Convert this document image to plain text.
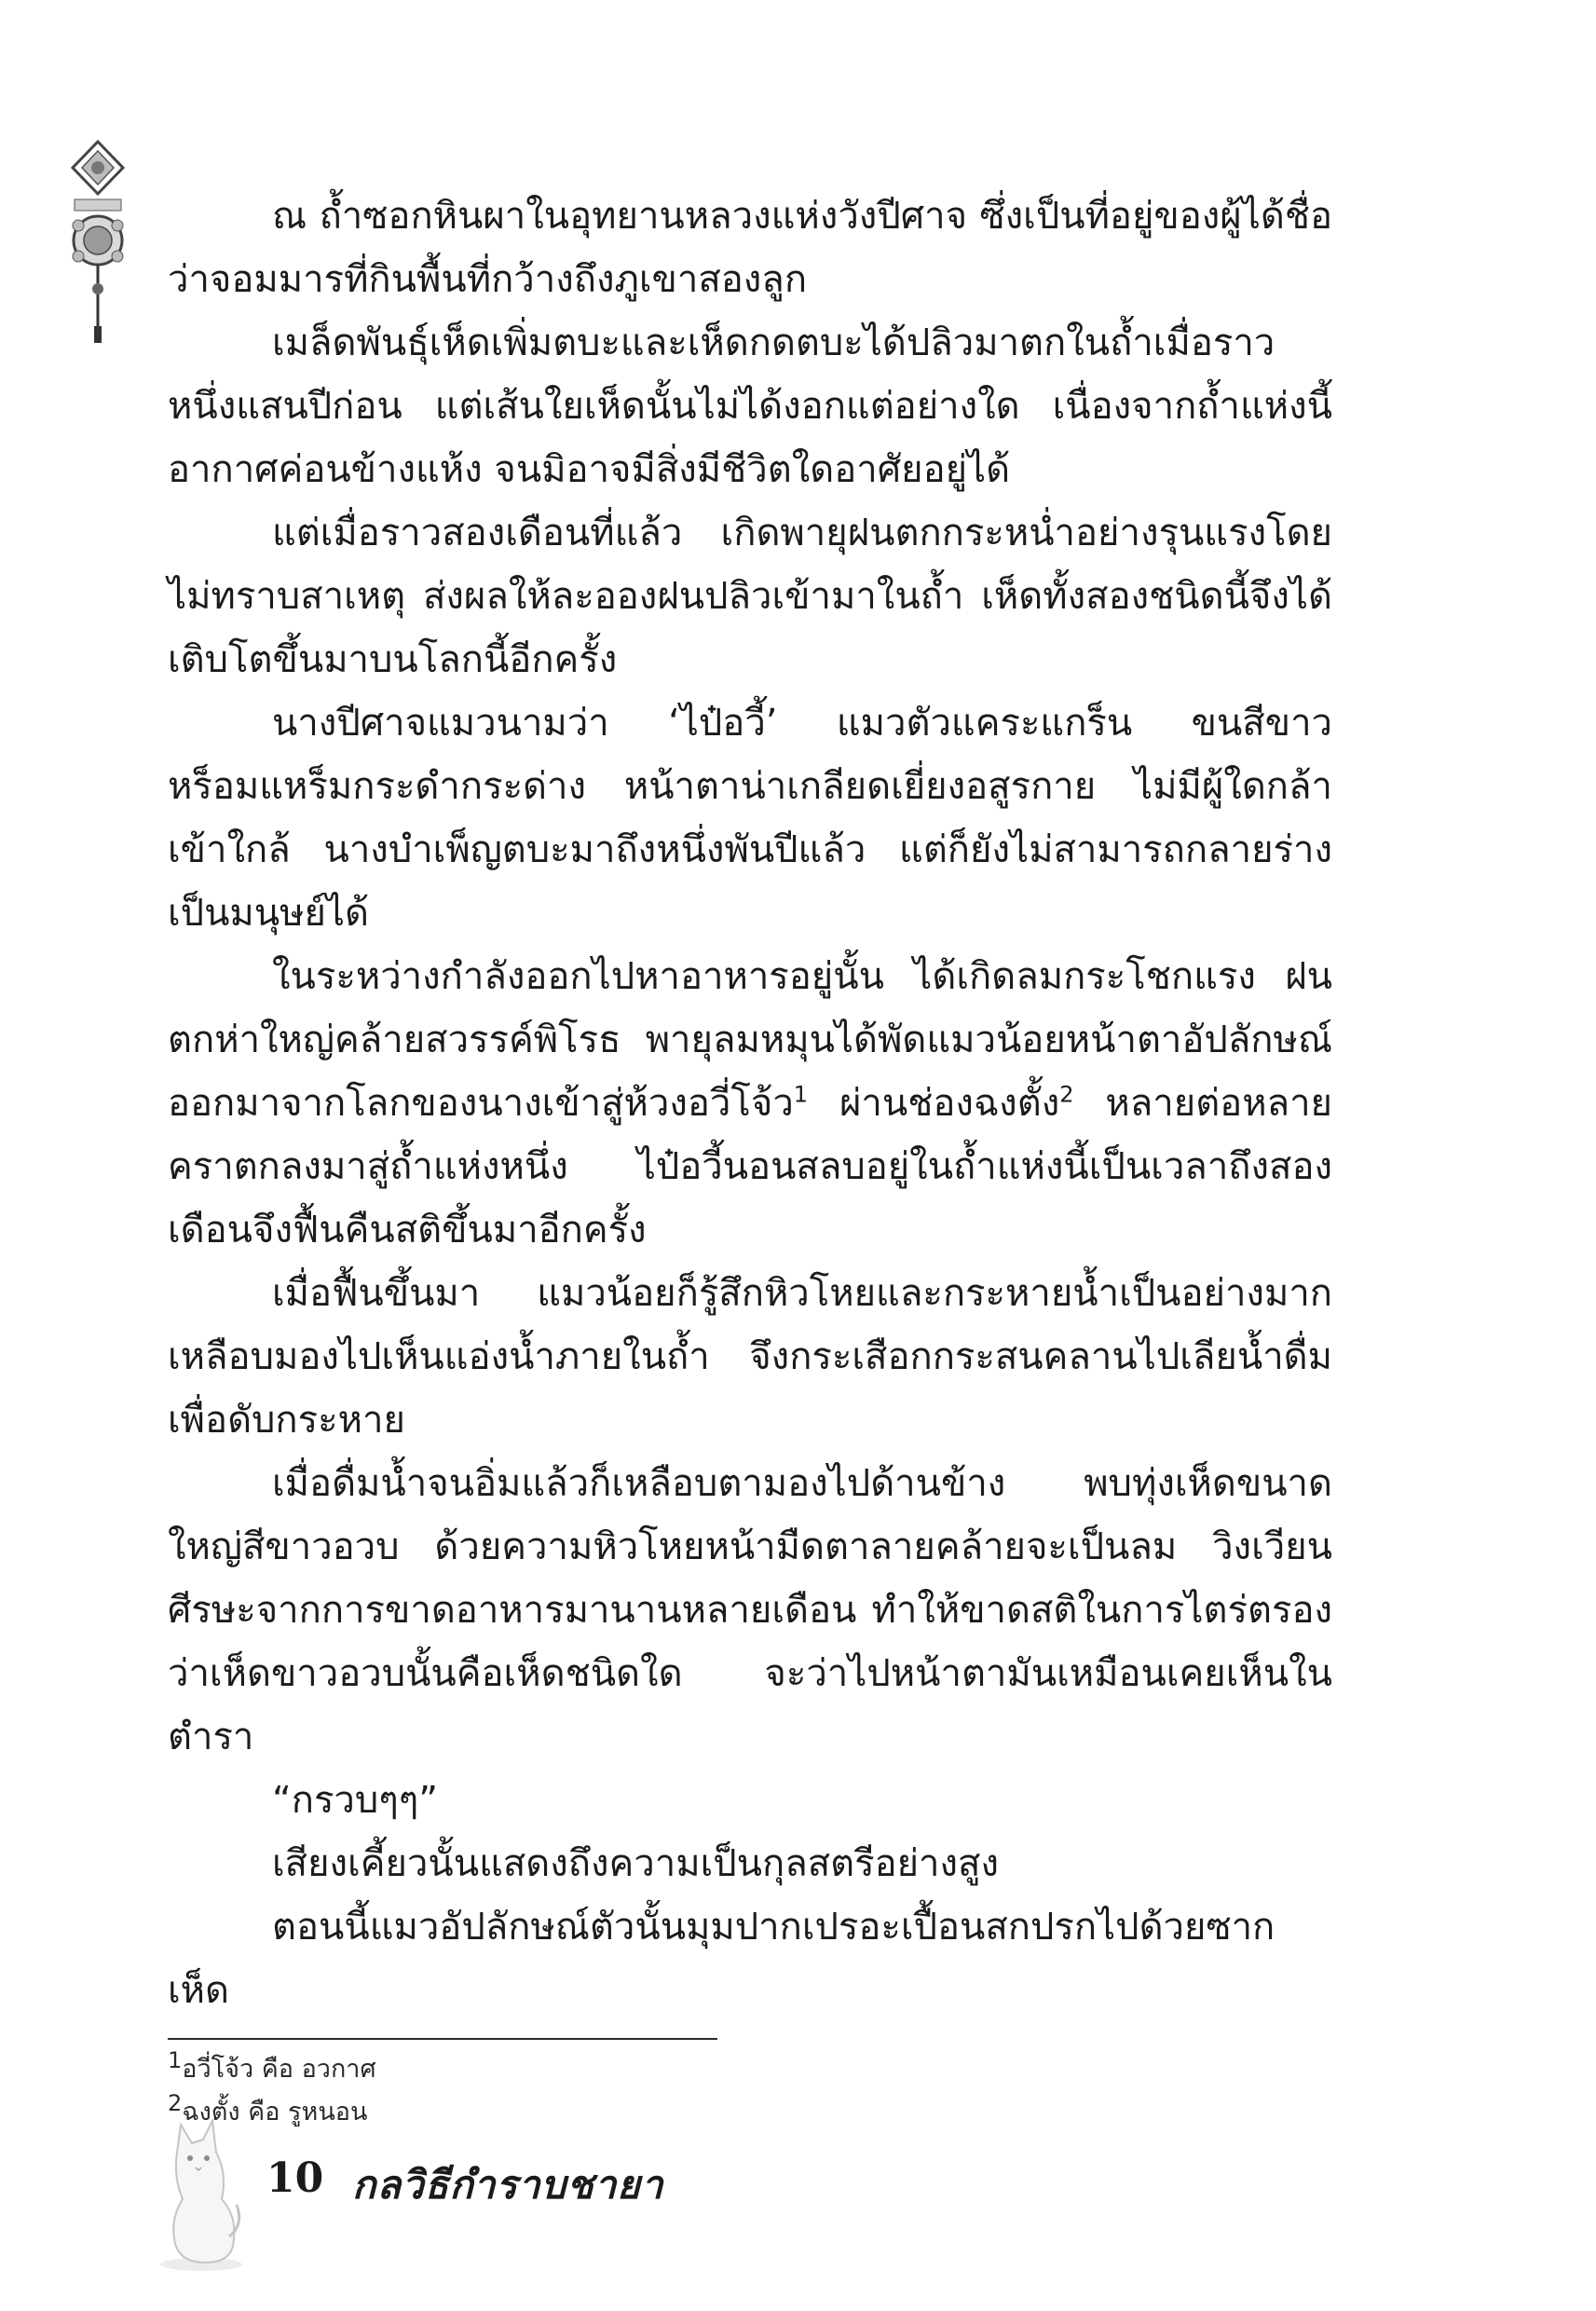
ณ ถ้ำซอกหินผาในอุทยานหลวงแห่งวังปีศาจ ซึ่งเป็นที่อยู่ของผู้ได้ชื่อว่าจอมมารที่กินพื้นที่กว้างถึงภูเขาสองลูก

เมล็ดพันธุ์เห็ดเพิ่มตบะและเห็ดกดตบะได้ปลิวมาตกในถ้ำเมื่อราวหนึ่งแสนปีก่อน แต่เส้นใยเห็ดนั้นไม่ได้งอกแต่อย่างใด เนื่องจากถ้ำแห่งนี้อากาศค่อนข้างแห้ง จนมิอาจมีสิ่งมีชีวิตใดอาศัยอยู่ได้

แต่เมื่อราวสองเดือนที่แล้ว เกิดพายุฝนตกกระหน่ำอย่างรุนแรงโดยไม่ทราบสาเหตุ ส่งผลให้ละอองฝนปลิวเข้ามาในถ้ำ เห็ดทั้งสองชนิดนี้จึงได้เติบโตขึ้นมาบนโลกนี้อีกครั้ง

นางปีศาจแมวนามว่า ‘ไป๋อวี้’ แมวตัวแคระแกร็น ขนสีขาวหร็อมแหร็มกระดำกระด่าง หน้าตาน่าเกลียดเยี่ยงอสูรกาย ไม่มีผู้ใดกล้าเข้าใกล้ นางบำเพ็ญตบะมาถึงหนึ่งพันปีแล้ว แต่ก็ยังไม่สามารถกลายร่างเป็นมนุษย์ได้

ในระหว่างกำลังออกไปหาอาหารอยู่นั้น ได้เกิดลมกระโชกแรง ฝนตกห่าใหญ่คล้ายสวรรค์พิโรธ พายุลมหมุนได้พัดแมวน้อยหน้าตาอัปลักษณ์ออกมาจากโลกของนางเข้าสู่ห้วงอวี่โจ้ว$^1$ ผ่านช่องฉงตั้ง$^2$ หลายต่อหลายคราตกลงมาสู่ถ้ำแห่งหนึ่ง ไป๋อวี้นอนสลบอยู่ในถ้ำแห่งนี้เป็นเวลาถึงสองเดือนจึงฟื้นคืนสติขึ้นมาอีกครั้ง

เมื่อฟื้นขึ้นมา แมวน้อยก็รู้สึกหิวโหยและกระหายน้ำเป็นอย่างมาก เหลือบมองไปเห็นแอ่งน้ำภายในถ้ำ จึงกระเสือกกระสนคลานไปเลียน้ำดื่มเพื่อดับกระหาย

เมื่อดื่มน้ำจนอิ่มแล้วก็เหลือบตามองไปด้านข้าง พบทุ่งเห็ดขนาดใหญ่สีขาวอวบ ด้วยความหิวโหยหน้ามืดตาลายคล้ายจะเป็นลม วิงเวียนศีรษะจากการขาดอาหารมานานหลายเดือน ทำให้ขาดสติในการไตร่ตรองว่าเห็ดขาวอวบนั้นคือเห็ดชนิดใด จะว่าไปหน้าตามันเหมือนเคยเห็นในตำรา

“กรวบๆๆ”

เสียงเคี้ยวนั้นแสดงถึงความเป็นกุลสตรีอย่างสูง

ตอนนี้แมวอัปลักษณ์ตัวนั้นมุมปากเปรอะเปื้อนสกปรกไปด้วยซากเห็ด

$^1$อวี่โจ้ว คือ อวกาศ
$^2$ฉงตั้ง คือ รูหนอน
10 กลวิธีกำราบชายา
